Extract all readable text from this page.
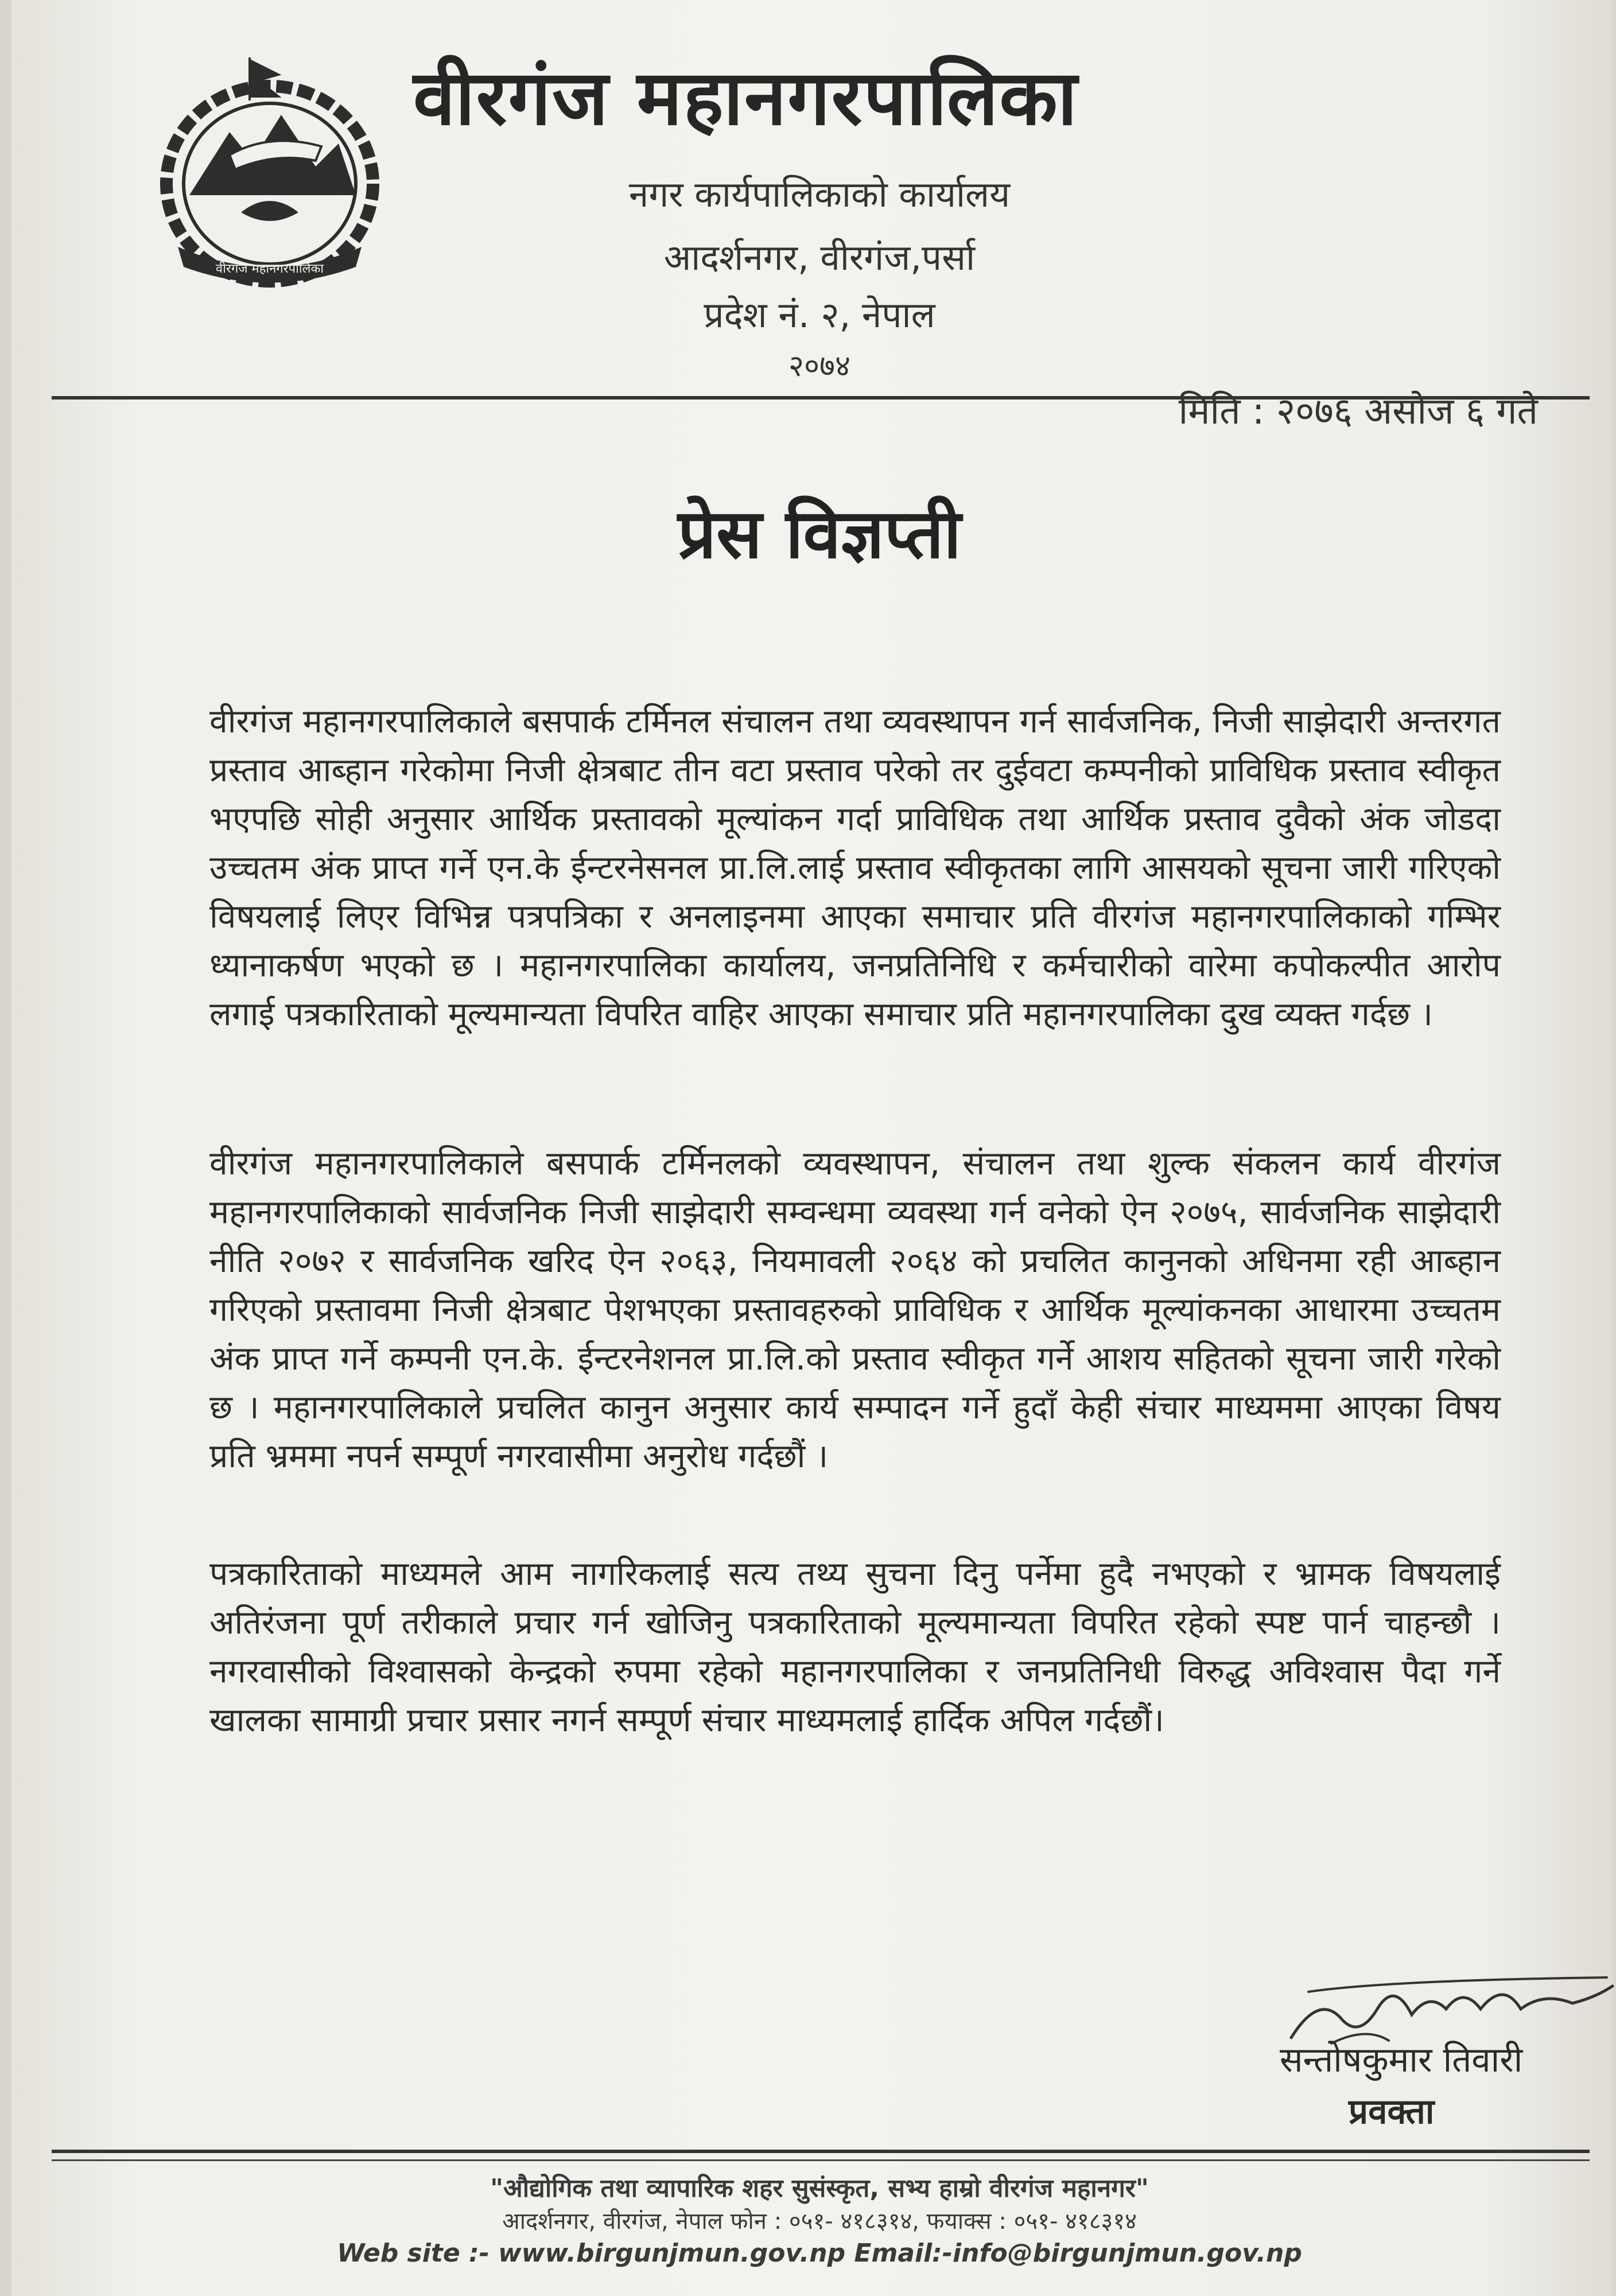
वीरगंज महानगरपालिका
वीरगंज महानगरपालिका
नगर कार्यपालिकाको कार्यालय
आदर्शनगर, वीरगंज,पर्सा
प्रदेश नं. २, नेपाल
२०७४
मिति : २०७६ असोज ६ गते
प्रेस विज्ञप्ती
वीरगंज महानगरपालिकाले बसपार्क टर्मिनल संचालन तथा व्यवस्थापन गर्न सार्वजनिक, निजी साझेदारी अन्तरगत प्रस्ताव आब्हान गरेकोमा निजी क्षेत्रबाट तीन वटा प्रस्ताव परेको तर दुईवटा कम्पनीको प्राविधिक प्रस्ताव स्वीकृत भएपछि सोही अनुसार आर्थिक प्रस्तावको मूल्यांकन गर्दा प्राविधिक तथा आर्थिक प्रस्ताव दुवैको अंक जोडदा उच्चतम अंक प्राप्त गर्ने एन.के ईन्टरनेसनल प्रा.लि.लाई प्रस्ताव स्वीकृतका लागि आसयको सूचना जारी गरिएको विषयलाई लिएर विभिन्न पत्रपत्रिका र अनलाइनमा आएका समाचार प्रति वीरगंज महानगरपालिकाको गम्भिर ध्यानाकर्षण भएको छ । महानगरपालिका कार्यालय, जनप्रतिनिधि र कर्मचारीको वारेमा कपोकल्पीत आरोप लगाई पत्रकारिताको मूल्यमान्यता विपरित वाहिर आएका समाचार प्रति महानगरपालिका दुख व्यक्त गर्दछ ।
वीरगंज महानगरपालिकाले बसपार्क टर्मिनलको व्यवस्थापन, संचालन तथा शुल्क संकलन कार्य वीरगंज महानगरपालिकाको सार्वजनिक निजी साझेदारी सम्वन्धमा व्यवस्था गर्न वनेको ऐन २०७५, सार्वजनिक साझेदारी नीति २०७२ र सार्वजनिक खरिद ऐन २०६३, नियमावली २०६४ को प्रचलित कानुनको अधिनमा रही आब्हान गरिएको प्रस्तावमा निजी क्षेत्रबाट पेशभएका प्रस्तावहरुको प्राविधिक र आर्थिक मूल्यांकनका आधारमा उच्चतम अंक प्राप्त गर्ने कम्पनी एन.के. ईन्टरनेशनल प्रा.लि.को प्रस्ताव स्वीकृत गर्ने आशय सहितको सूचना जारी गरेको छ । महानगरपालिकाले प्रचलित कानुन अनुसार कार्य सम्पादन गर्ने हुदाँ केही संचार माध्यममा आएका विषय प्रति भ्रममा नपर्न सम्पूर्ण नगरवासीमा अनुरोध गर्दछौं ।
पत्रकारिताको माध्यमले आम नागरिकलाई सत्य तथ्य सुचना दिनु पर्नेमा हुदै नभएको र भ्रामक विषयलाई अतिरंजना पूर्ण तरीकाले प्रचार गर्न खोजिनु पत्रकारिताको मूल्यमान्यता विपरित रहेको स्पष्ट पार्न चाहन्छौ । नगरवासीको विश्वासको केन्द्रको रुपमा रहेको महानगरपालिका र जनप्रतिनिधी विरुद्ध अविश्वास पैदा गर्ने खालका सामाग्री प्रचार प्रसार नगर्न सम्पूर्ण संचार माध्यमलाई हार्दिक अपिल गर्दछौं।
सन्तोषकुमार तिवारी
प्रवक्ता
"औद्योगिक तथा व्यापारिक शहर सुसंस्कृत, सभ्य हाम्रो वीरगंज महानगर"
आदर्शनगर, वीरगंज, नेपाल फोन : ०५१- ४१८३१४, फयाक्स : ०५१- ४१८३१४
Web site :- www.birgunjmun.gov.np Email:-info@birgunjmun.gov.np
